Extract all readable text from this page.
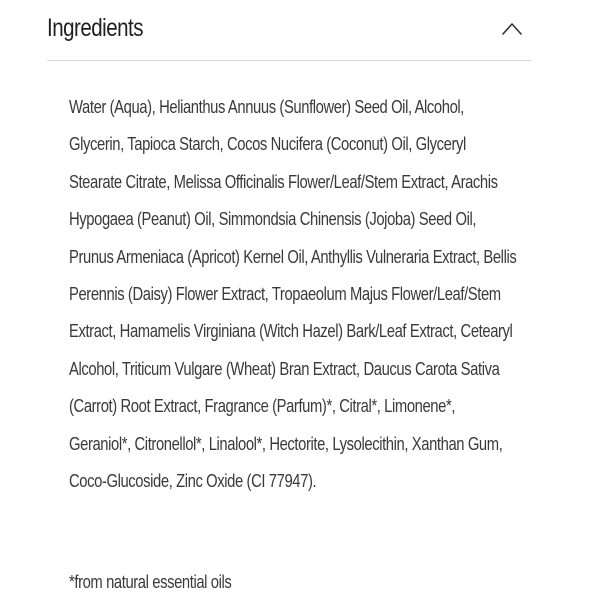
Ingredients

Water (Aqua), Helianthus Annuus (Sunflower) Seed Oil, Alcohol, Glycerin, Tapioca Starch, Cocos Nucifera (Coconut) Oil, Glyceryl Stearate Citrate, Melissa Officinalis Flower/Leaf/Stem Extract, Arachis Hypogaea (Peanut) Oil, Simmondsia Chinensis (Jojoba) Seed Oil, Prunus Armeniaca (Apricot) Kernel Oil, Anthyllis Vulneraria Extract, Bellis Perennis (Daisy) Flower Extract, Tropaeolum Majus Flower/Leaf/Stem Extract, Hamamelis Virginiana (Witch Hazel) Bark/Leaf Extract, Cetearyl Alcohol, Triticum Vulgare (Wheat) Bran Extract, Daucus Carota Sativa (Carrot) Root Extract, Fragrance (Parfum)*, Citral*, Limonene*, Geraniol*, Citronellol*, Linalool*, Hectorite, Lysolecithin, Xanthan Gum, Coco-Glucoside, Zinc Oxide (CI 77947).

*from natural essential oils
